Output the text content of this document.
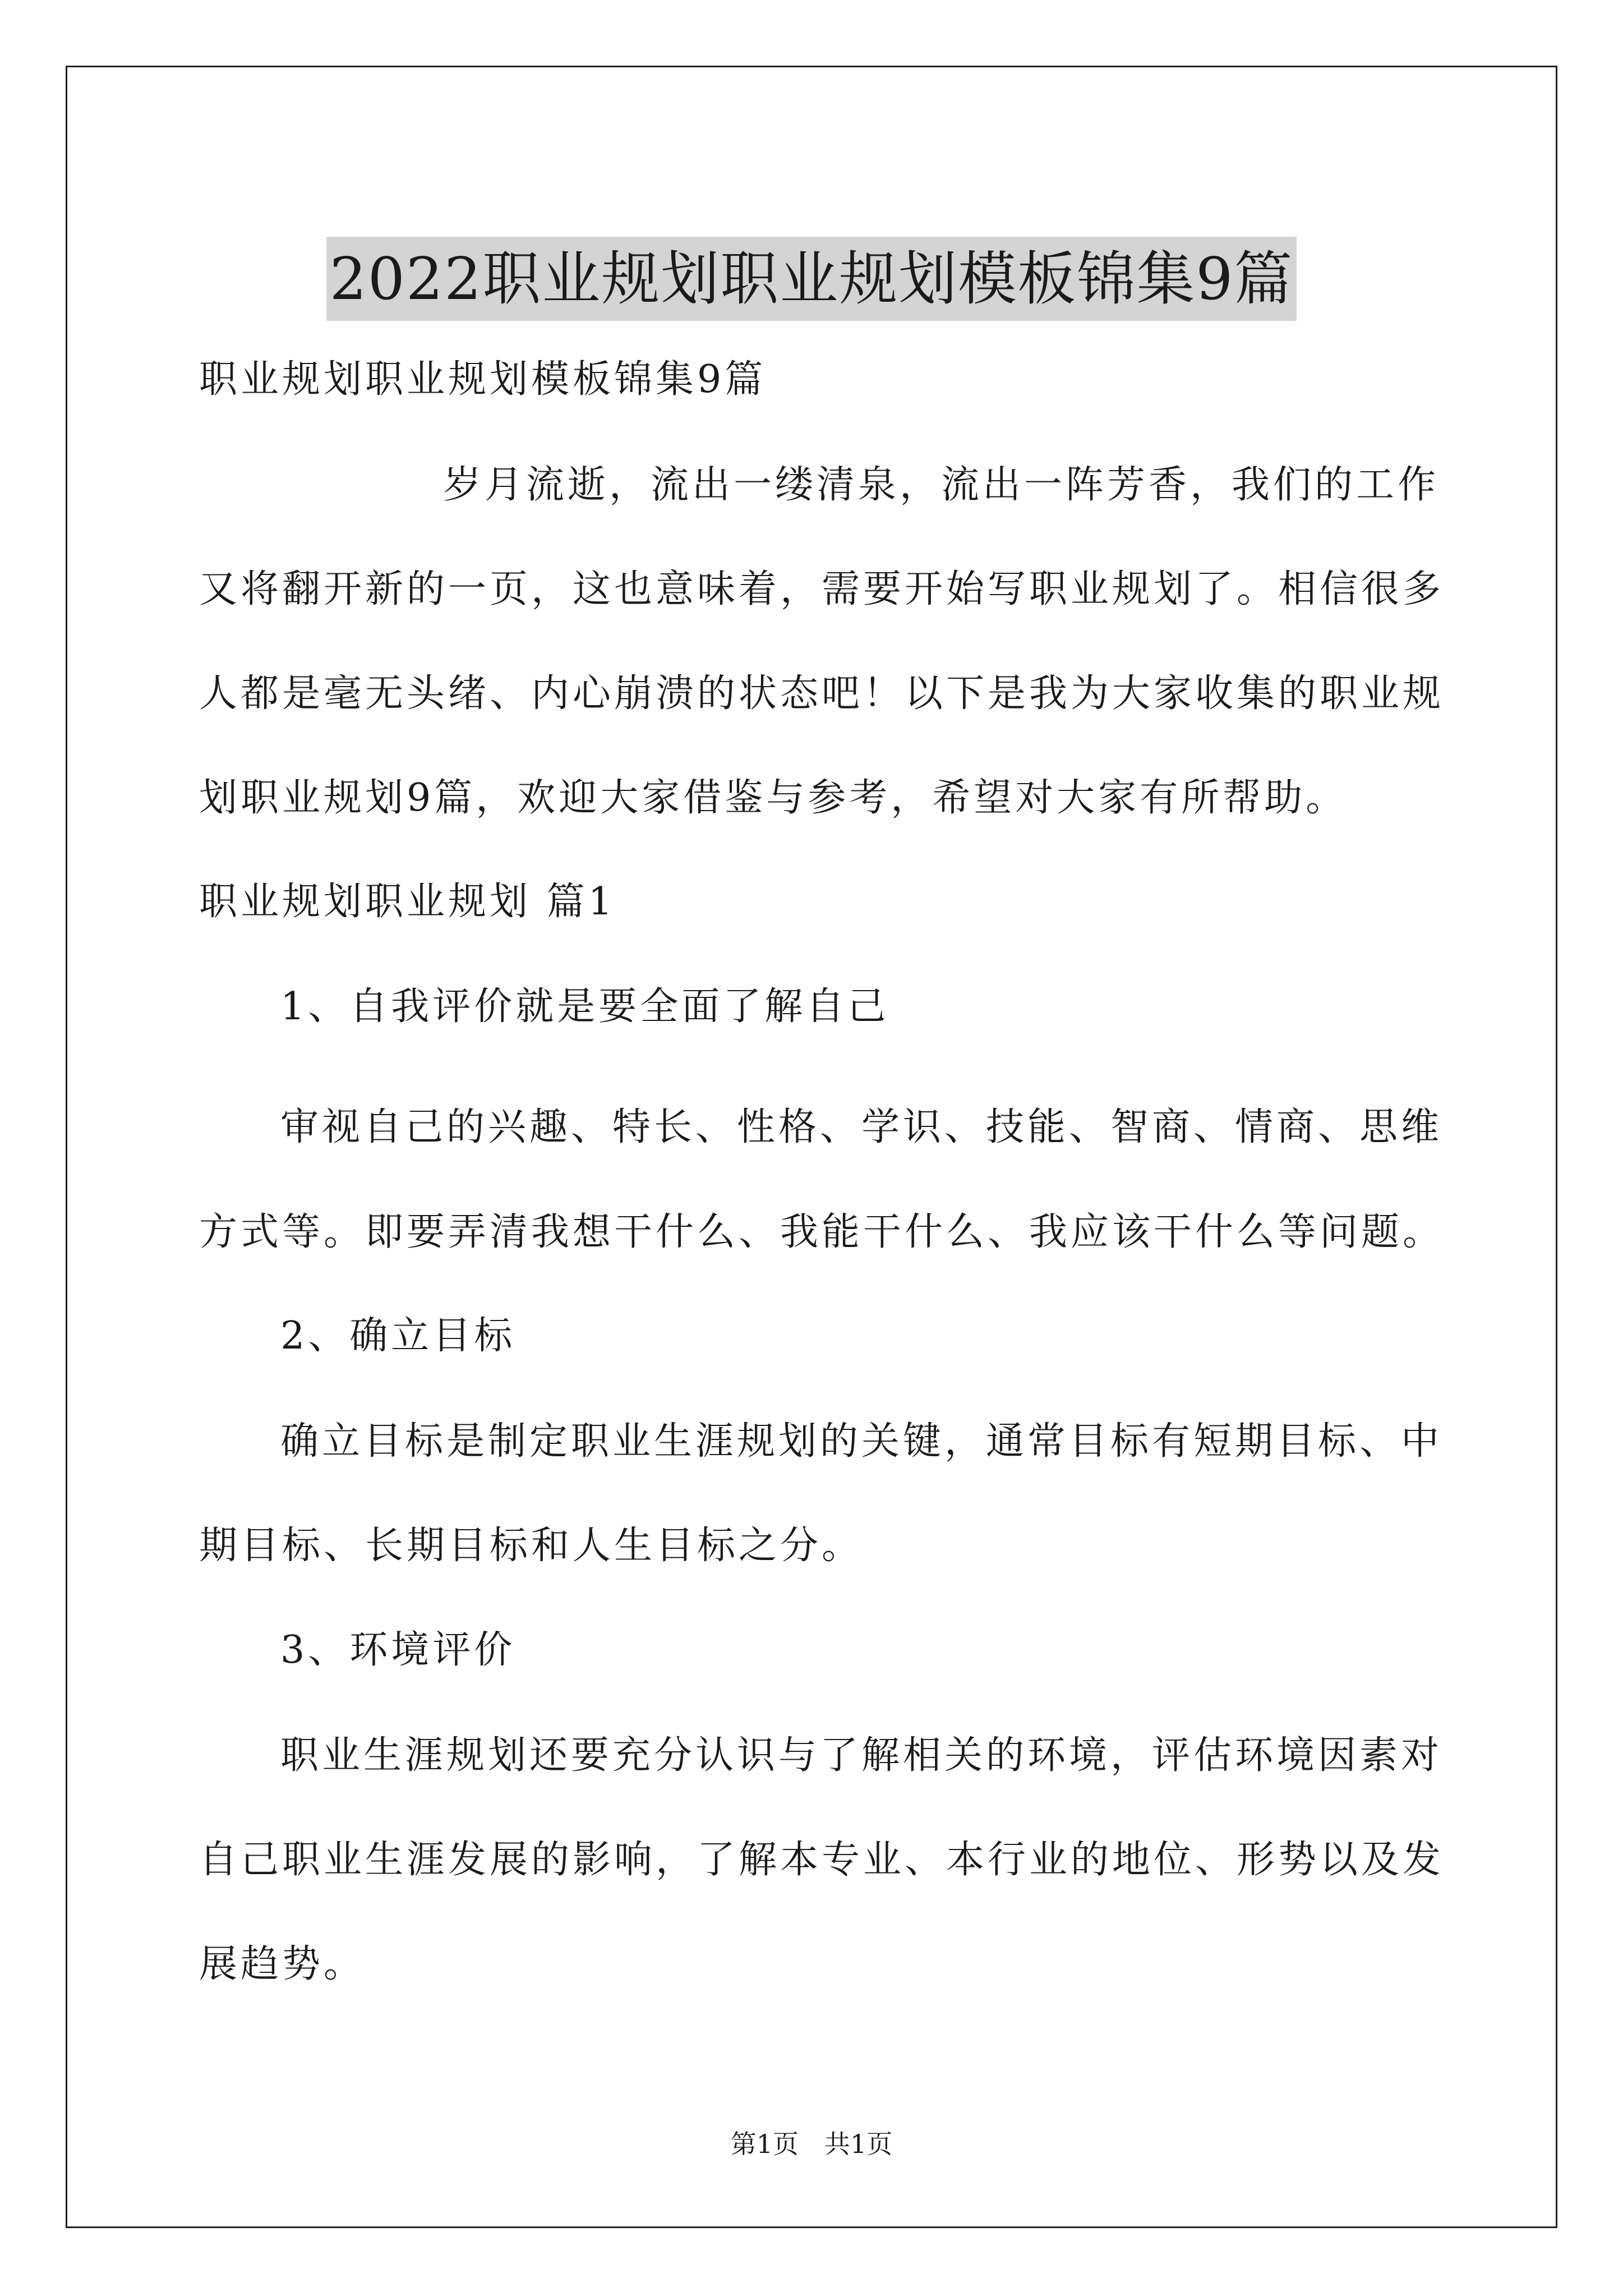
2022职业规划职业规划模板锦集9篇
职业规划职业规划模板锦集9篇
岁月流逝，流出一缕清泉，流出一阵芳香，我们的工作
又将翻开新的一页，这也意味着，需要开始写职业规划了。相信很多
人都是毫无头绪、内心崩溃的状态吧！以下是我为大家收集的职业规
划职业规划9篇，欢迎大家借鉴与参考，希望对大家有所帮助。
职业规划职业规划 篇1
1、自我评价就是要全面了解自己
审视自己的兴趣、特长、性格、学识、技能、智商、情商、思维
方式等。即要弄清我想干什么、我能干什么、我应该干什么等问题。
2、确立目标
确立目标是制定职业生涯规划的关键，通常目标有短期目标、中
期目标、长期目标和人生目标之分。
3、环境评价
职业生涯规划还要充分认识与了解相关的环境，评估环境因素对
自己职业生涯发展的影响，了解本专业、本行业的地位、形势以及发
展趋势。
第1页 共1页
